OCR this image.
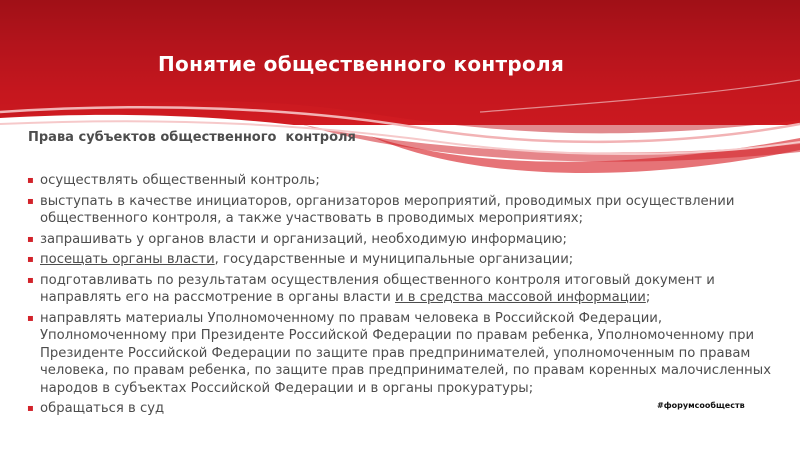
Понятие общественного контроля
Права субъектов общественного  контроля
▪ осуществлять общественный контроль;
▪ выступать в качестве инициаторов, организаторов мероприятий, проводимых при осуществлении общественного контроля, а также участвовать в проводимых мероприятиях;
▪ запрашивать у органов власти и организаций, необходимую информацию;
▪ посещать органы власти, государственные и муниципальные организации;
▪ подготавливать по результатам осуществления общественного контроля итоговый документ и направлять его на рассмотрение в органы власти и в средства массовой информации;
▪ направлять материалы Уполномоченному по правам человека в Российской Федерации, Уполномоченному при Президенте Российской Федерации по правам ребенка, Уполномоченному при Президенте Российской Федерации по защите прав предпринимателей, уполномоченным по правам человека, по правам ребенка, по защите прав предпринимателей, по правам коренных малочисленных народов в субъектах Российской Федерации и в органы прокуратуры;
▪ обращаться в суд	#форумсообществ
